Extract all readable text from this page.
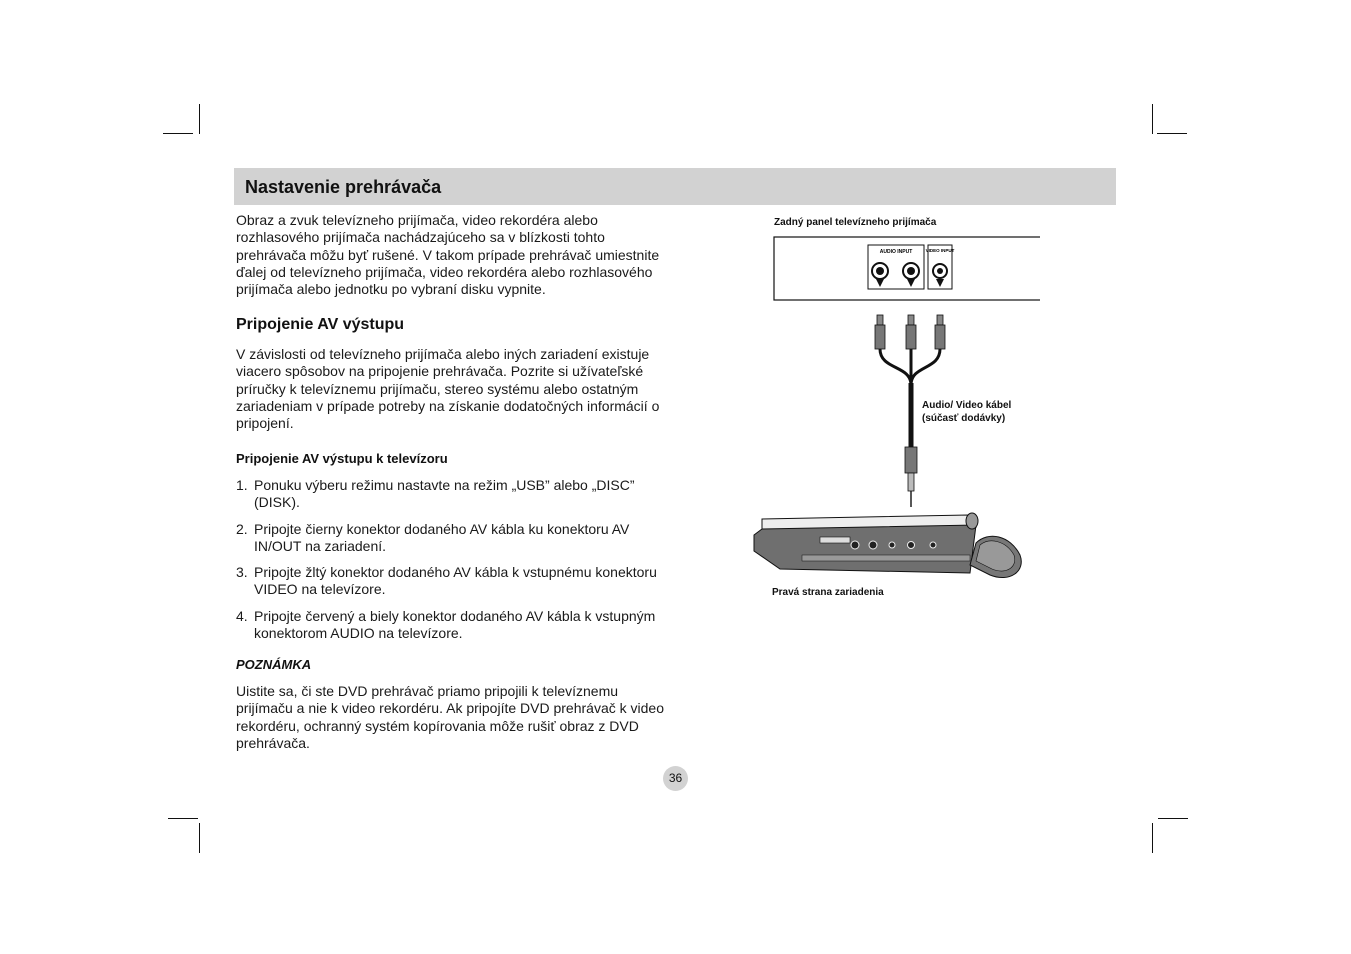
Nastavenie prehrávača

Obraz a zvuk televízneho prijímača, video rekordéra alebo rozhlasového prijímača nachádzajúceho sa v blízkosti tohto prehrávača môžu byť rušené. V takom prípade prehrávač umiestnite ďalej od televízneho prijímača, video rekordéra alebo rozhlasového prijímača alebo jednotku po vybraní disku vypnite.

Pripojenie AV výstupu

V závislosti od televízneho prijímača alebo iných zariadení existuje viacero spôsobov na pripojenie prehrávača. Pozrite si užívateľské príručky k televíznemu prijímaču, stereo systému alebo ostatným zariadeniam v prípade potreby na získanie dodatočných informácií o pripojení.

Pripojenie AV výstupu k televízoru
1. Ponuku výberu režimu nastavte na režim „USB” alebo „DISC” (DISK).
2. Pripojte čierny konektor dodaného AV kábla ku konektoru AV IN/OUT na zariadení.
3. Pripojte žltý konektor dodaného AV kábla k vstupnému konektoru VIDEO na televízore.
4. Pripojte červený a biely konektor dodaného AV kábla k vstupným konektorom AUDIO na televízore.
POZNÁMKA

Uistite sa, či ste DVD prehrávač priamo pripojili k televíznemu prijímaču a nie k video rekordéru. Ak pripojíte DVD prehrávač k video rekordéru, ochranný systém kopírovania môže rušiť obraz z DVD prehrávača.

36
Zadný panel televízneho prijímača
Audio/ Video kábel
(súčasť dodávky)
Pravá strana zariadenia
AUDIO INPUT	VIDEO INPUT
